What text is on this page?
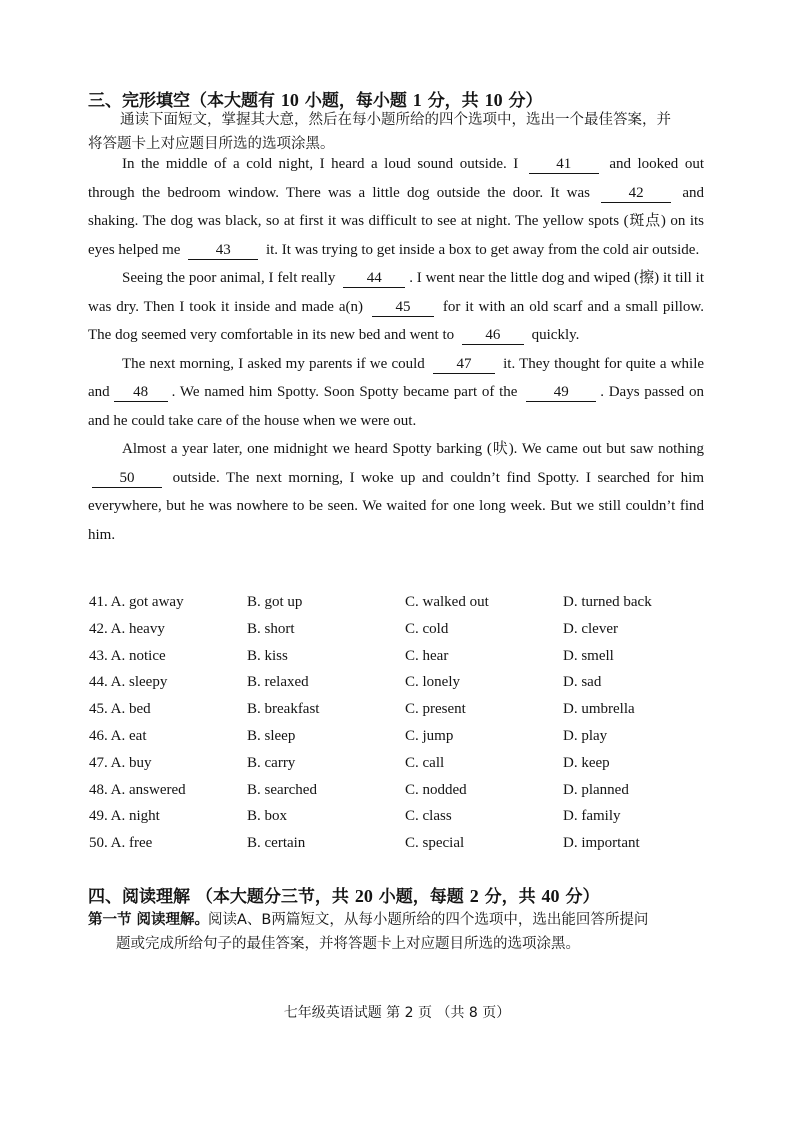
三、完形填空（本大题有 10 小题，每小题 1 分，共 10 分）
通读下面短文，掌握其大意，然后在每小题所给的四个选项中，选出一个最佳答案，并
将答题卡上对应题目所选的选项涂黑。

In the middle of a cold night, I heard a loud sound outside. I	41	and looked out through the bedroom window. There was a little dog outside the door. It was	42	and shaking. The dog was black, so at first it was difficult to see at night. The yellow spots (斑点) on its eyes helped me 43 it. It was trying to get inside a box to get away from the cold air outside.

Seeing the poor animal, I felt really 44 . I went near the little dog and wiped (擦) it till it was dry. Then I took it inside and made a(n) 45 for it with an old scarf and a small pillow. The dog seemed very comfortable in its new bed and went to 46 quickly.

The next morning, I asked my parents if we could 47 it. They thought for quite a while and 48 . We named him Spotty. Soon Spotty became part of the 49 . Days passed on and he could take care of the house when we were out.

Almost a year later, one midnight we heard Spotty barking (吠). We came out but saw nothing 50	outside. The next morning, I woke up and couldn’t find Spotty. I searched for him everywhere, but he was nowhere to be seen. We waited for one long week. But we still couldn’t find him.

41. A. got away	B. got up	C. walked out	D. turned back
42. A. heavy	B. short	C. cold	D. clever
43. A. notice	B. kiss	C. hear	D. smell
44. A. sleepy	B. relaxed	C. lonely	D. sad
45. A. bed	B. breakfast	C. present	D. umbrella
46. A. eat	B. sleep	C. jump	D. play
47. A. buy	B. carry	C. call	D. keep
48. A. answered	B. searched	C. nodded	D. planned
49. A. night	B. box	C. class	D. family
50. A. free	B. certain	C. special	D. important
四、阅读理解 （本大题分三节，共 20 小题，每题 2 分，共 40 分）
第一节 阅读理解。
阅读A、B两篇短文，从每小题所给的四个选项中，选出能回答所提问
题或完成所给句子的最佳答案，并将答题卡上对应题目所选的选项涂黑。
七年级英语试题 第 2 页 （共 8 页）
